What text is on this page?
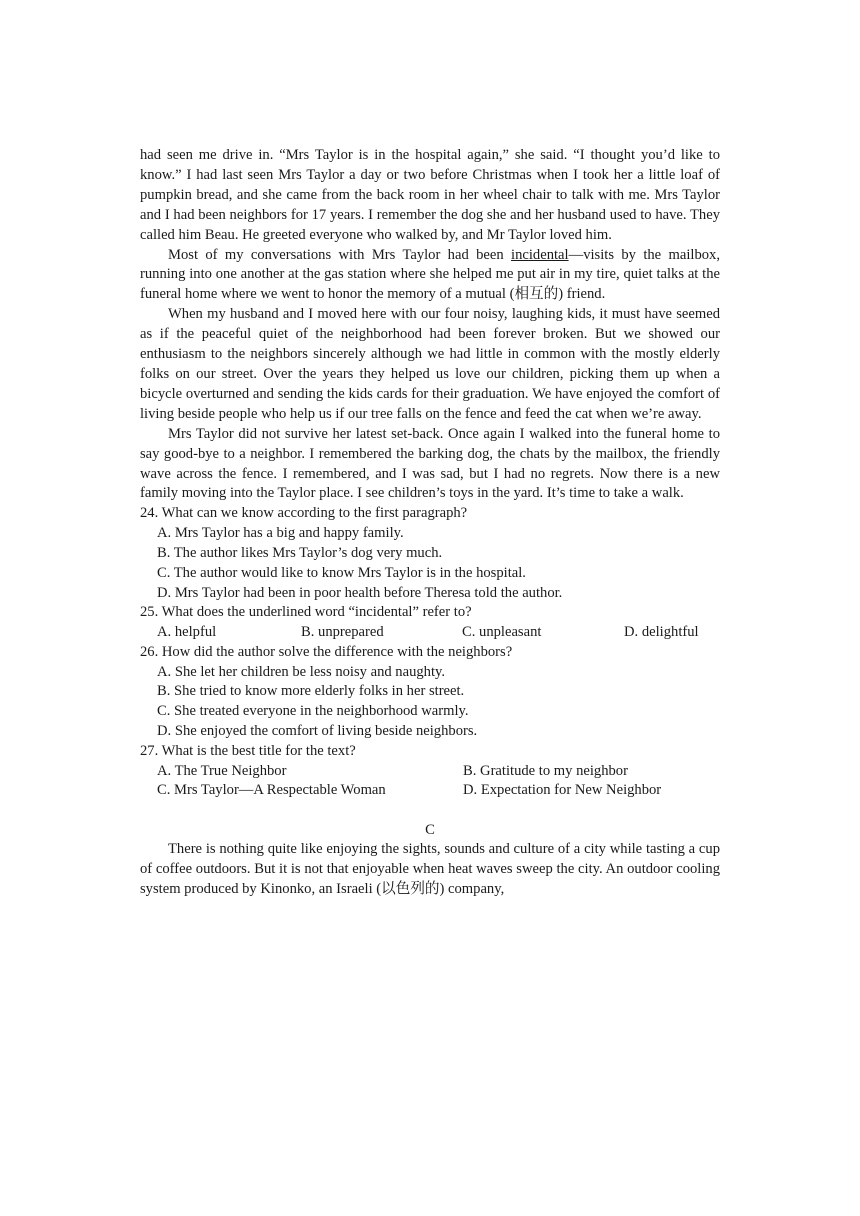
had seen me drive in. “Mrs Taylor is in the hospital again,” she said. “I thought you’d like to know.” I had last seen Mrs Taylor a day or two before Christmas when I took her a little loaf of pumpkin bread, and she came from the back room in her wheel chair to talk with me. Mrs Taylor and I had been neighbors for 17 years. I remember the dog she and her husband used to have. They called him Beau. He greeted everyone who walked by, and Mr Taylor loved him.

Most of my conversations with Mrs Taylor had been incidental—visits by the mailbox, running into one another at the gas station where she helped me put air in my tire, quiet talks at the funeral home where we went to honor the memory of a mutual (相互的) friend.

When my husband and I moved here with our four noisy, laughing kids, it must have seemed as if the peaceful quiet of the neighborhood had been forever broken. But we showed our enthusiasm to the neighbors sincerely although we had little in common with the mostly elderly folks on our street. Over the years they helped us love our children, picking them up when a bicycle overturned and sending the kids cards for their graduation. We have enjoyed the comfort of living beside people who help us if our tree falls on the fence and feed the cat when we’re away.

Mrs Taylor did not survive her latest set-back. Once again I walked into the funeral home to say good-bye to a neighbor. I remembered the barking dog, the chats by the mailbox, the friendly wave across the fence. I remembered, and I was sad, but I had no regrets. Now there is a new family moving into the Taylor place. I see children’s toys in the yard. It’s time to take a walk.

24. What can we know according to the first paragraph?

A. Mrs Taylor has a big and happy family.

B. The author likes Mrs Taylor’s dog very much.

C. The author would like to know Mrs Taylor is in the hospital.

D. Mrs Taylor had been in poor health before Theresa told the author.

25. What does the underlined word “incidental” refer to?

A. helpful	B. unprepared	C. unpleasant	D. delightful

26. How did the author solve the difference with the neighbors?

A. She let her children be less noisy and naughty.

B. She tried to know more elderly folks in her street.

C. She treated everyone in the neighborhood warmly.

D. She enjoyed the comfort of living beside neighbors.

27. What is the best title for the text?

A. The True Neighbor	B. Gratitude to my neighbor
C. Mrs Taylor—A Respectable Woman	D. Expectation for New Neighbor

C

There is nothing quite like enjoying the sights, sounds and culture of a city while tasting a cup of coffee outdoors. But it is not that enjoyable when heat waves sweep the city. An outdoor cooling system produced by Kinonko, an Israeli (以色列的) company,
